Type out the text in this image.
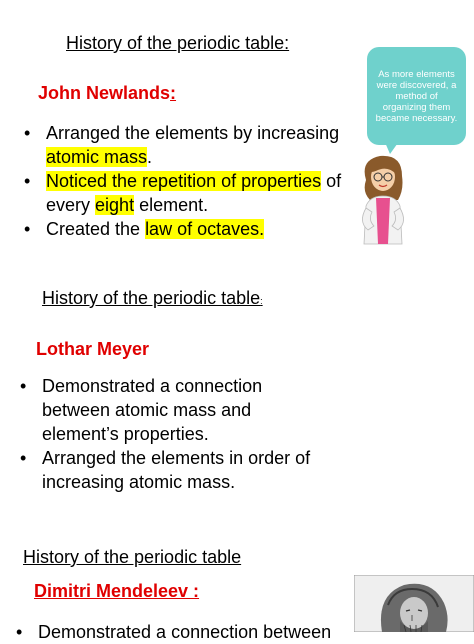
History of the periodic table:
John Newlands:
• Arranged the elements by increasing atomic mass.
• Noticed the repetition of properties of every eight element.
• Created the law of octaves.
As more elements were discovered, a method of organizing them became necessary.
History of the periodic table:
Lothar Meyer
• Demonstrated a connection between atomic mass and element’s properties.
• Arranged the elements in order of increasing atomic mass.
History of the periodic table
Dimitri Mendeleev :
• Demonstrated a connection between
